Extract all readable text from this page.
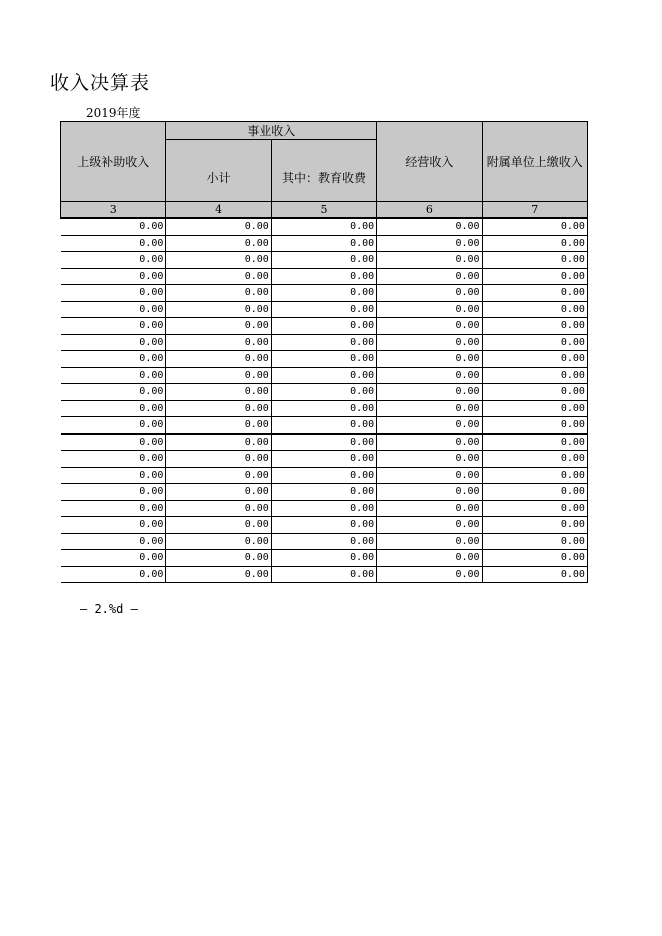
收入决算表
2019年度
上级补助收入	事业收入		经营收入	附属单位上缴收入
	小计	其中：教育收费		
3	4	5	6	7
0.00	0.00	0.00	0.00	0.00
0.00	0.00	0.00	0.00	0.00
0.00	0.00	0.00	0.00	0.00
0.00	0.00	0.00	0.00	0.00
0.00	0.00	0.00	0.00	0.00
0.00	0.00	0.00	0.00	0.00
0.00	0.00	0.00	0.00	0.00
0.00	0.00	0.00	0.00	0.00
0.00	0.00	0.00	0.00	0.00
0.00	0.00	0.00	0.00	0.00
0.00	0.00	0.00	0.00	0.00
0.00	0.00	0.00	0.00	0.00
0.00	0.00	0.00	0.00	0.00
0.00	0.00	0.00	0.00	0.00
0.00	0.00	0.00	0.00	0.00
0.00	0.00	0.00	0.00	0.00
0.00	0.00	0.00	0.00	0.00
0.00	0.00	0.00	0.00	0.00
0.00	0.00	0.00	0.00	0.00
0.00	0.00	0.00	0.00	0.00
0.00	0.00	0.00	0.00	0.00
0.00	0.00	0.00	0.00	0.00
— 2.%d —
